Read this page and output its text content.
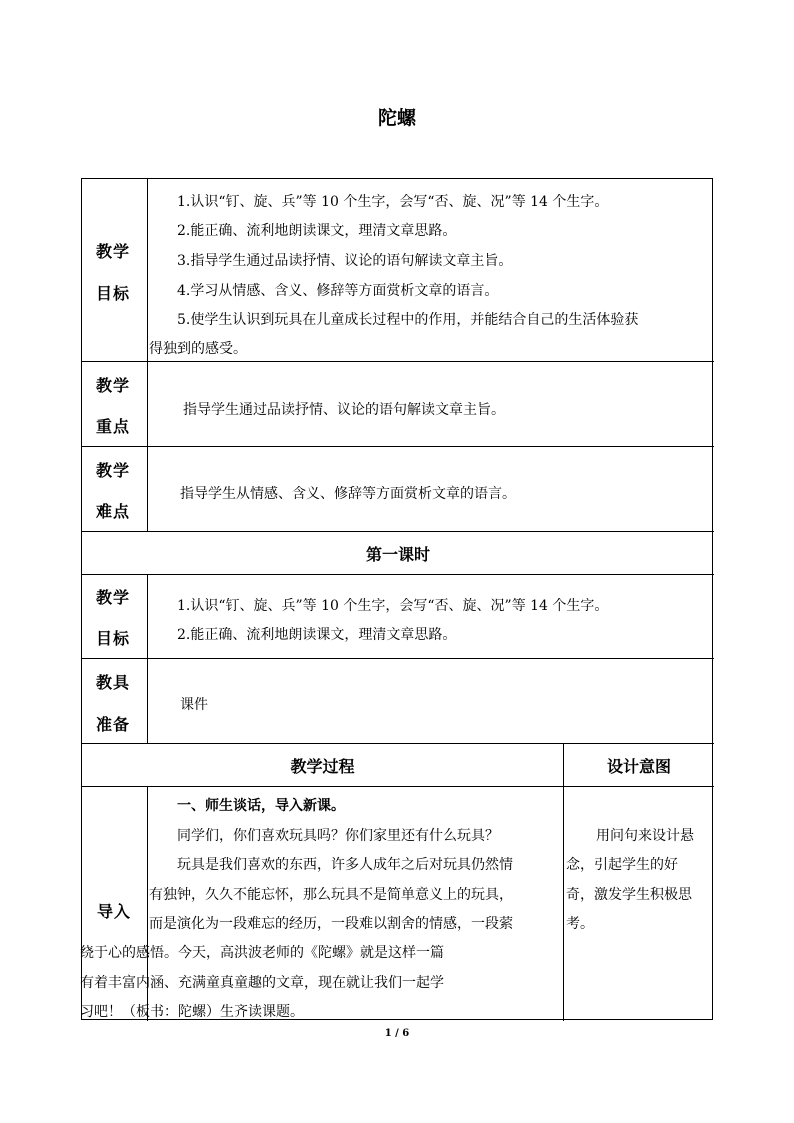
陀螺
教学
目标
1.认识“钉、旋、兵”等 10 个生字，会写“否、旋、况”等 14 个生字。
2.能正确、流利地朗读课文，理清文章思路。
3.指导学生通过品读抒情、议论的语句解读文章主旨。
4.学习从情感、含义、修辞等方面赏析文章的语言。
5.使学生认识到玩具在儿童成长过程中的作用，并能结合自己的生活体验获
得独到的感受。
教学
重点
指导学生通过品读抒情、议论的语句解读文章主旨。
教学
难点
指导学生从情感、含义、修辞等方面赏析文章的语言。
第一课时
教学
目标
1.认识“钉、旋、兵”等 10 个生字，会写“否、旋、况”等 14 个生字。
2.能正确、流利地朗读课文，理清文章思路。
教具
准备
课件
教学过程	设计意图
导入
一、师生谈话，导入新课。
同学们，你们喜欢玩具吗？你们家里还有什么玩具？
玩具是我们喜欢的东西，许多人成年之后对玩具仍然情
有独钟，久久不能忘怀，那么玩具不是简单意义上的玩具，
而是演化为一段难忘的经历，一段难以割舍的情感，一段萦
绕于心的感悟。今天，高洪波老师的《陀螺》就是这样一篇
有着丰富内涵、充满童真童趣的文章，现在就让我们一起学
习吧！（板书：陀螺）生齐读课题。
用问句来设计悬
念，引起学生的好
奇，激发学生积极思
考。
1 / 6
